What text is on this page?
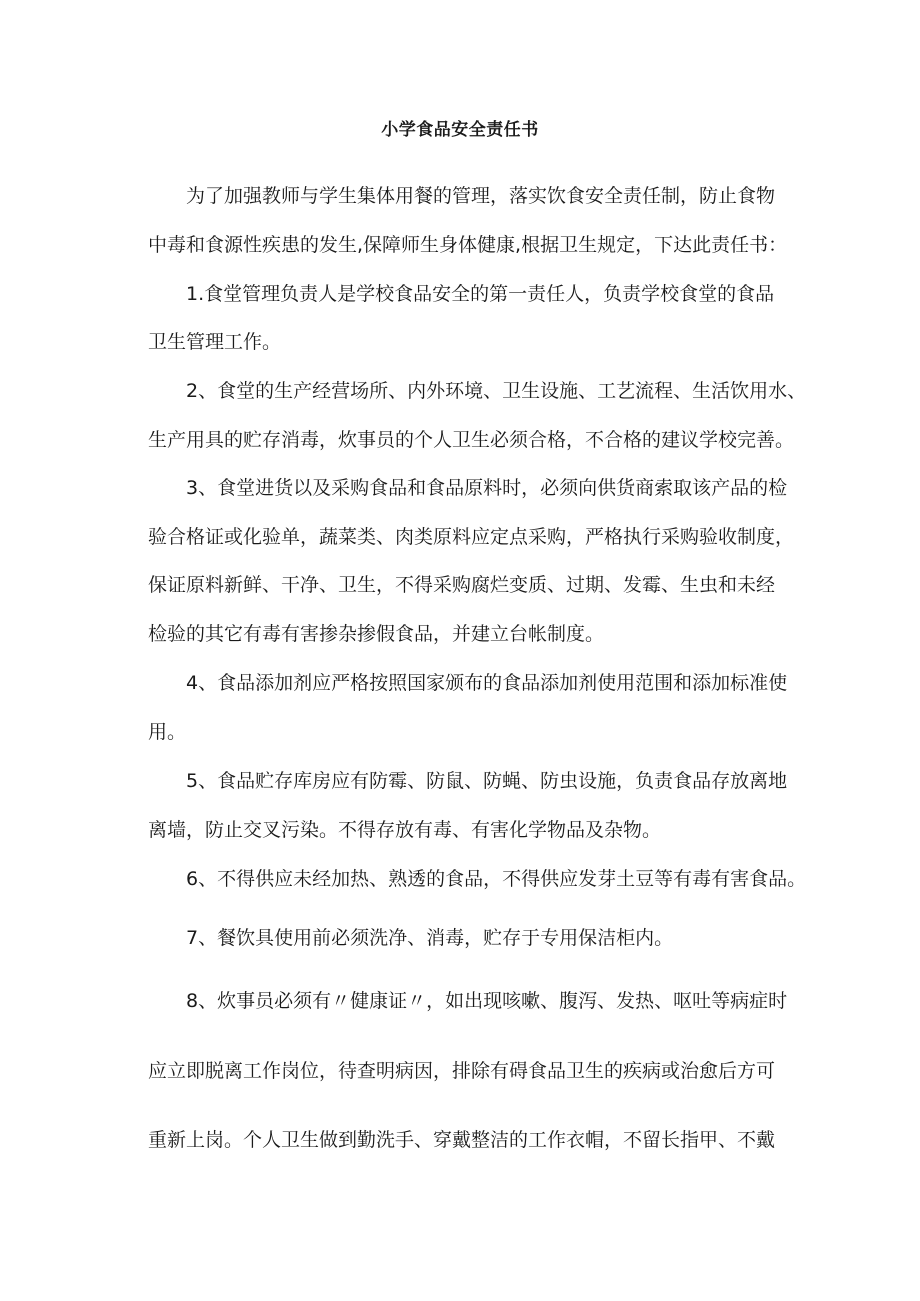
小学食品安全责任书
为了加强教师与学生集体用餐的管理，落实饮食安全责任制，防止食物
中毒和食源性疾患的发生,保障师生身体健康,根据卫生规定，下达此责任书：
1.食堂管理负责人是学校食品安全的第一责任人，负责学校食堂的食品
卫生管理工作。
2、食堂的生产经营场所、内外环境、卫生设施、工艺流程、生活饮用水、
生产用具的贮存消毒，炊事员的个人卫生必须合格，不合格的建议学校完善。
3、食堂进货以及采购食品和食品原料时，必须向供货商索取该产品的检
验合格证或化验单，蔬菜类、肉类原料应定点采购，严格执行采购验收制度，
保证原料新鲜、干净、卫生，不得采购腐烂变质、过期、发霉、生虫和未经
检验的其它有毒有害掺杂掺假食品，并建立台帐制度。
4、食品添加剂应严格按照国家颁布的食品添加剂使用范围和添加标准使
用。
5、食品贮存库房应有防霉、防鼠、防蝇、防虫设施，负责食品存放离地
离墙，防止交叉污染。不得存放有毒、有害化学物品及杂物。
6、不得供应未经加热、熟透的食品，不得供应发芽土豆等有毒有害食品。
7、餐饮具使用前必须洗净、消毒，贮存于专用保洁柜内。
8、炊事员必须有〃健康证〃，如出现咳嗽、腹泻、发热、呕吐等病症时
应立即脱离工作岗位，待查明病因，排除有碍食品卫生的疾病或治愈后方可
重新上岗。个人卫生做到勤洗手、穿戴整洁的工作衣帽，不留长指甲、不戴
